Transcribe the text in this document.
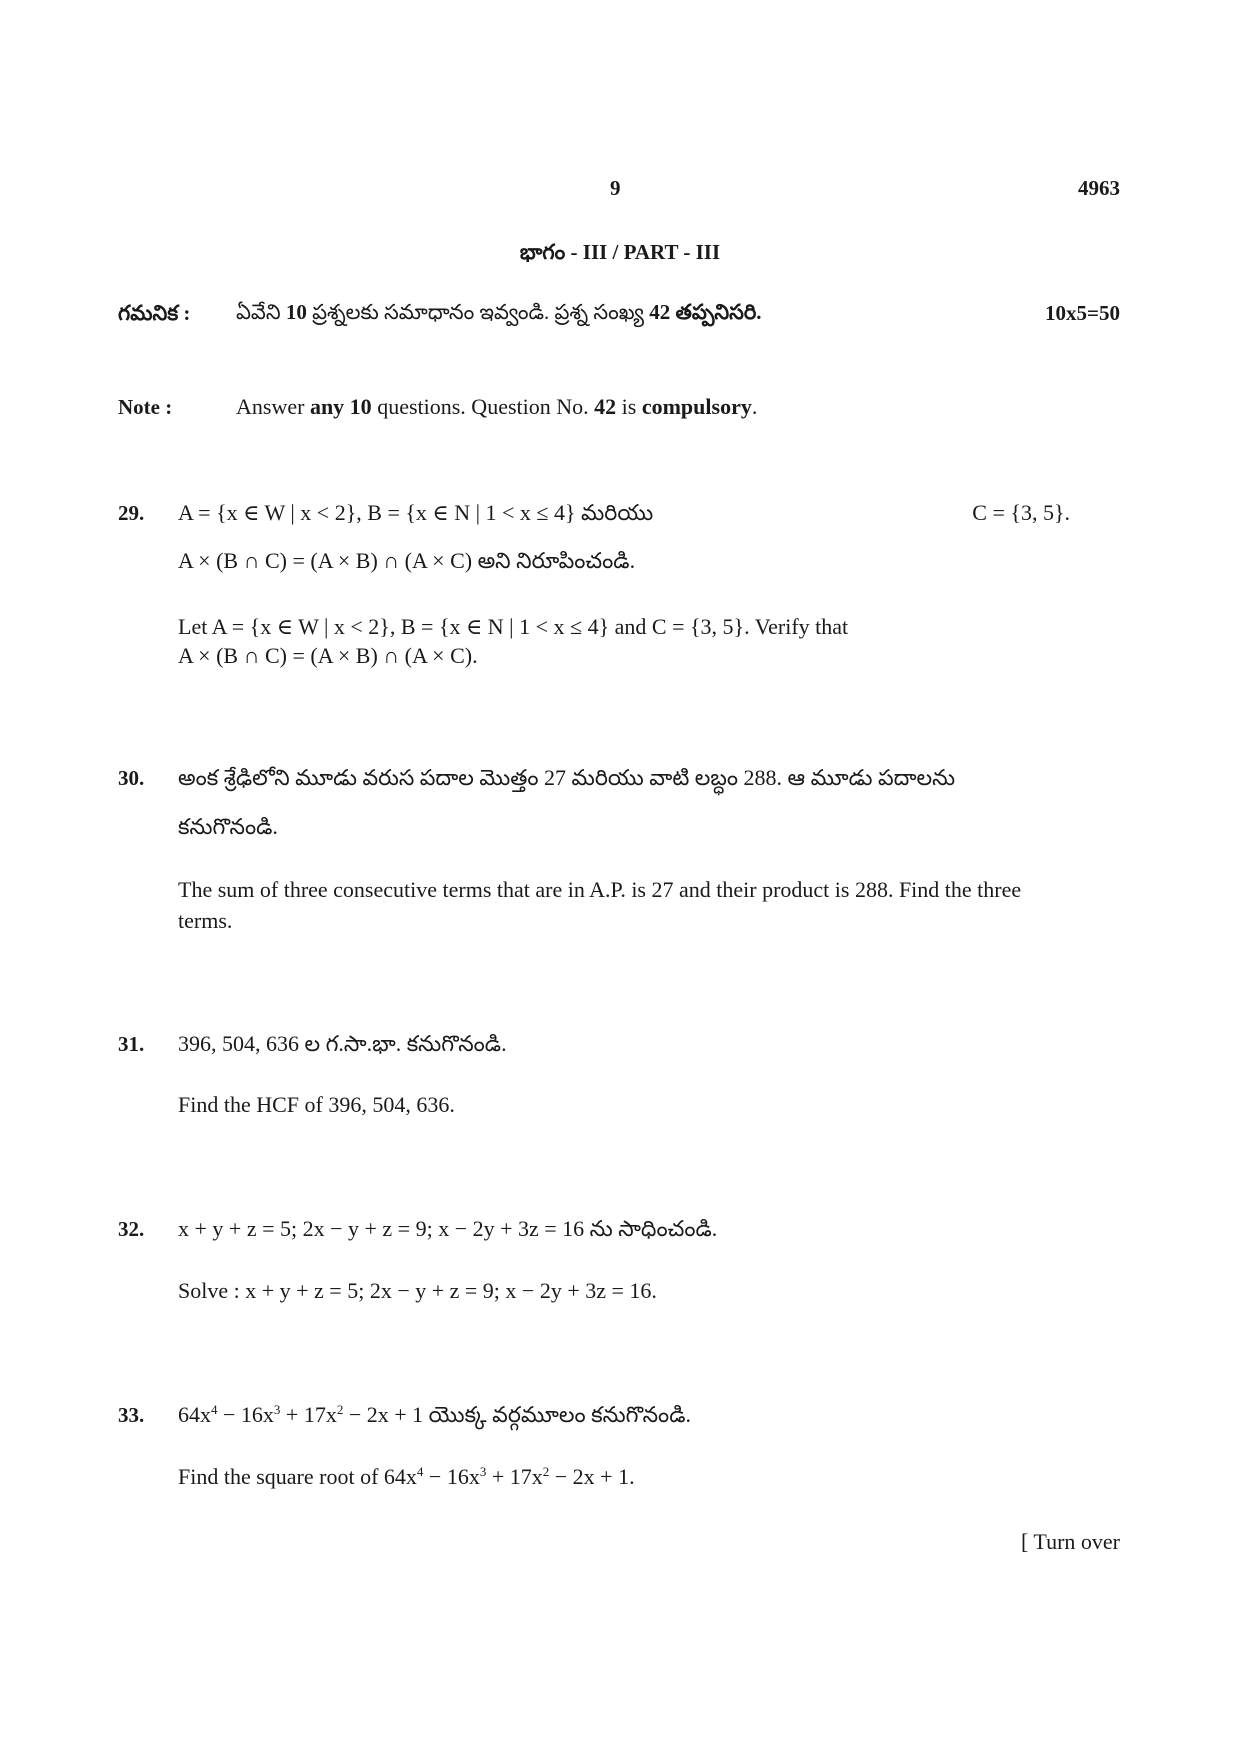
9	4963
భాగం - III / PART - III
గమనిక : ఏవేని 10 ప్రశ్నలకు సమాధానం ఇవ్వండి. ప్రశ్న సంఖ్య 42 తప్పనిసరి.	10x5=50
Note :	Answer any 10 questions. Question No. 42 is compulsory.
29. A = {x ∈ W | x < 2}, B = {x ∈ N | 1 < x ≤ 4} మరియు	C = {3, 5}.
A × (B ∩ C) = (A × B) ∩ (A × C) అని నిరూపించండి.
Let A = {x ∈ W | x < 2}, B = {x ∈ N | 1 < x ≤ 4} and C = {3, 5}. Verify that
A × (B ∩ C) = (A × B) ∩ (A × C).
30. అంక శ్రేఢిలోని మూడు వరుస పదాల మొత్తం 27 మరియు వాటి లబ్ధం 288. ఆ మూడు పదాలను
కనుగొనండి.
The sum of three consecutive terms that are in A.P. is 27 and their product is 288. Find the three terms.
31. 396, 504, 636 ల గ.సా.భా. కనుగొనండి.
Find the HCF of 396, 504, 636.
32. x + y + z = 5; 2x − y + z = 9; x − 2y + 3z = 16 ను సాధించండి.
Solve : x + y + z = 5; 2x − y + z = 9; x − 2y + 3z = 16.
33. $64x^4 - 16x^3 + 17x^2 - 2x + 1$ యొక్క వర్గమూలం కనుగొనండి.
Find the square root of $64x^4 - 16x^3 + 17x^2 - 2x + 1$.
[ Turn over
